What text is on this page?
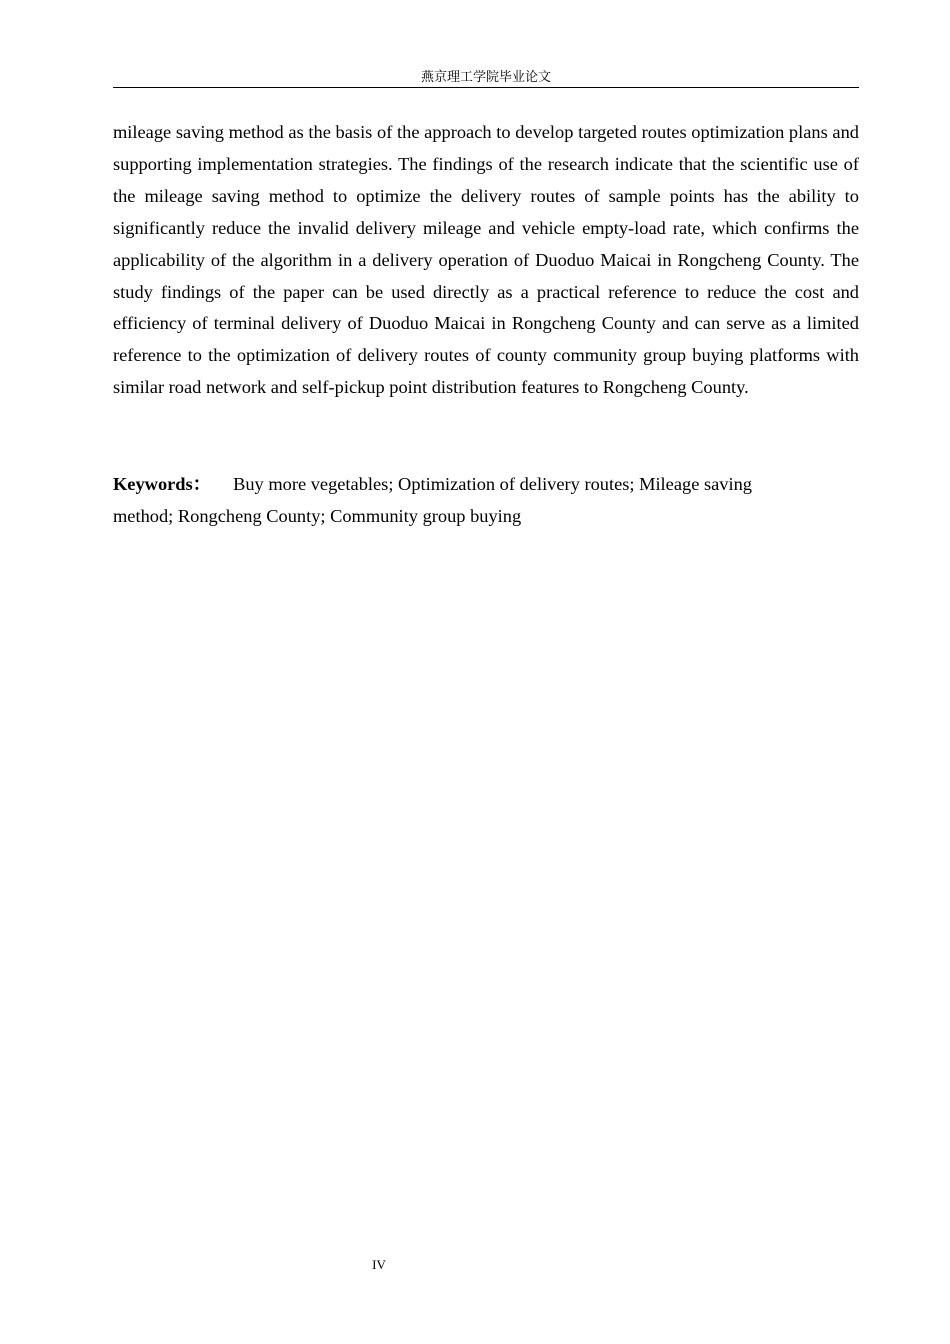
燕京理工学院毕业论文

mileage saving method as the basis of the approach to develop targeted routes optimization plans and supporting implementation strategies. The findings of the research indicate that the scientific use of the mileage saving method to optimize the delivery routes of sample points has the ability to significantly reduce the invalid delivery mileage and vehicle empty-load rate, which confirms the applicability of the algorithm in a delivery operation of Duoduo Maicai in Rongcheng County. The study findings of the paper can be used directly as a practical reference to reduce the cost and efficiency of terminal delivery of Duoduo Maicai in Rongcheng County and can serve as a limited reference to the optimization of delivery routes of county community group buying platforms with similar road network and self-pickup point distribution features to Rongcheng County.

Keywords： Buy more vegetables; Optimization of delivery routes; Mileage saving method; Rongcheng County; Community group buying

IV
